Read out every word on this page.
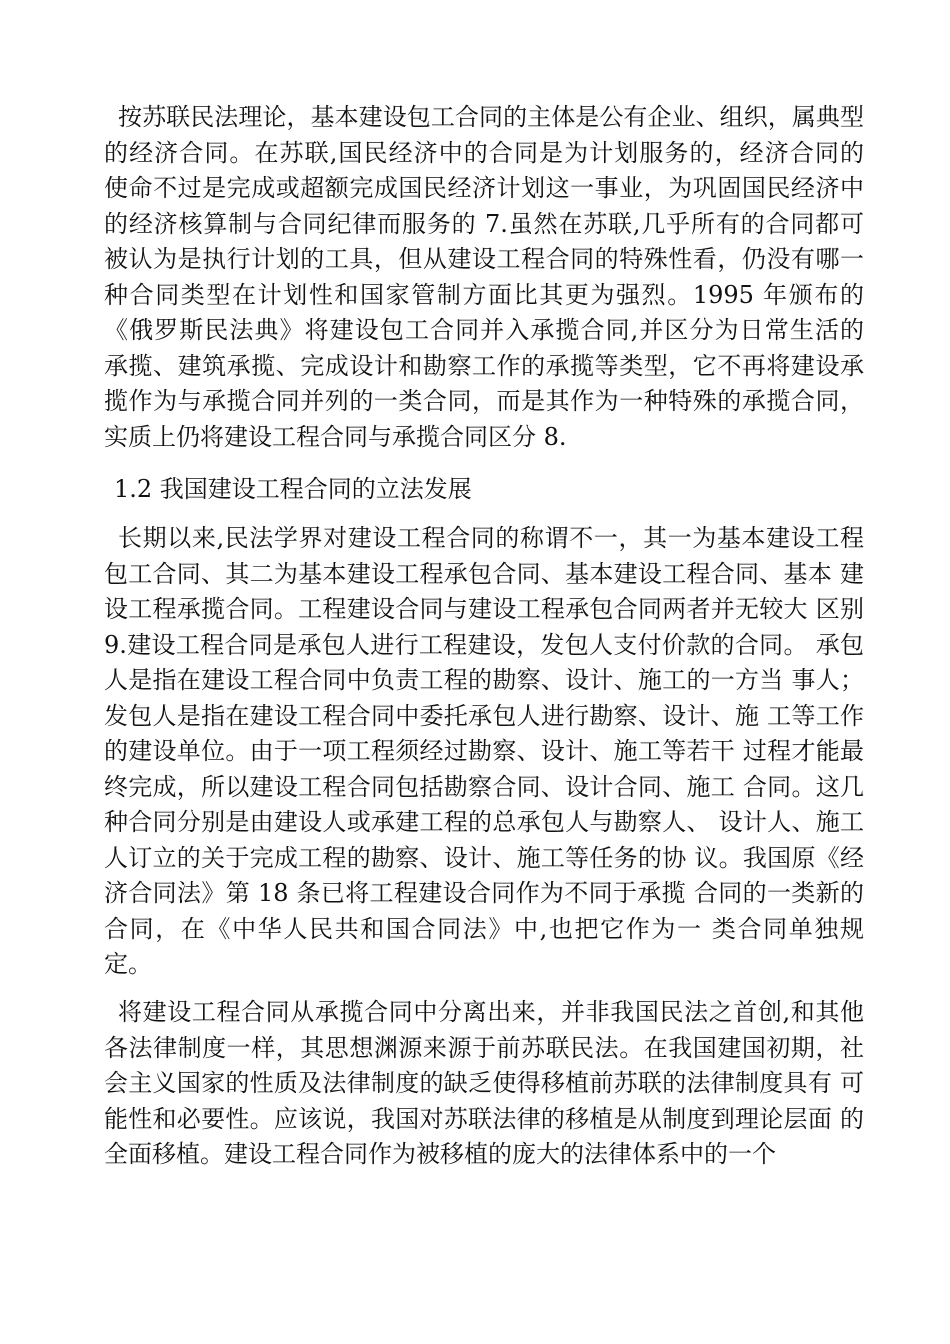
按苏联民法理论，基本建设包工合同的主体是公有企业、组织，属典型
的经济合同。在苏联,国民经济中的合同是为计划服务的，经济合同的
使命不过是完成或超额完成国民经济计划这一事业，为巩固国民经济中
的经济核算制与合同纪律而服务的 7.虽然在苏联,几乎所有的合同都可
被认为是执行计划的工具，但从建设工程合同的特殊性看，仍没有哪一
种合同类型在计划性和国家管制方面比其更为强烈。1995 年颁布的
《俄罗斯民法典》将建设包工合同并入承揽合同,并区分为日常生活的
承揽、建筑承揽、完成设计和勘察工作的承揽等类型，它不再将建设承
揽作为与承揽合同并列的一类合同，而是其作为一种特殊的承揽合同，
实质上仍将建设工程合同与承揽合同区分 8.
1.2 我国建设工程合同的立法发展
长期以来,民法学界对建设工程合同的称谓不一，其一为基本建设工程
包工合同、其二为基本建设工程承包合同、基本建设工程合同、基本 建
设工程承揽合同。工程建设合同与建设工程承包合同两者并无较大 区别
9.建设工程合同是承包人进行工程建设，发包人支付价款的合同。 承包
人是指在建设工程合同中负责工程的勘察、设计、施工的一方当 事人；
发包人是指在建设工程合同中委托承包人进行勘察、设计、施 工等工作
的建设单位。由于一项工程须经过勘察、设计、施工等若干 过程才能最
终完成，所以建设工程合同包括勘察合同、设计合同、施工 合同。这几
种合同分别是由建设人或承建工程的总承包人与勘察人、 设计人、施工
人订立的关于完成工程的勘察、设计、施工等任务的协 议。我国原《经
济合同法》第 18 条已将工程建设合同作为不同于承揽 合同的一类新的
合同，在《中华人民共和国合同法》中,也把它作为一 类合同单独规
定。
将建设工程合同从承揽合同中分离出来，并非我国民法之首创,和其他
各法律制度一样，其思想渊源来源于前苏联民法。在我国建国初期，社
会主义国家的性质及法律制度的缺乏使得移植前苏联的法律制度具有 可
能性和必要性。应该说，我国对苏联法律的移植是从制度到理论层面 的
全面移植。建设工程合同作为被移植的庞大的法律体系中的一个
